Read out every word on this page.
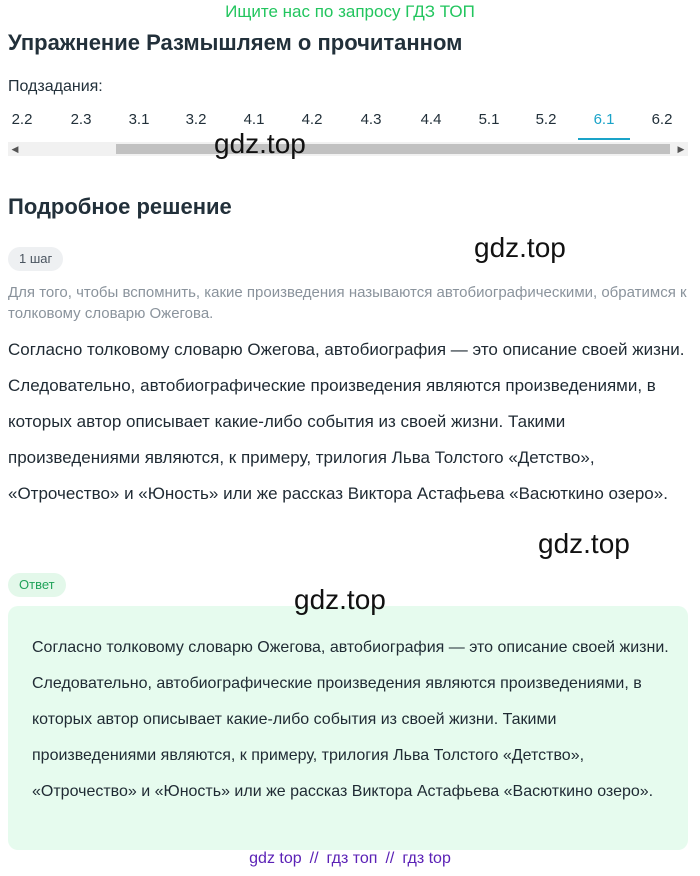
Ищите нас по запросу ГДЗ ТОП
Упражнение Размышляем о прочитанном
Подзадания:
2.2	2.3	3.1	3.2	4.1	4.2	4.3	4.4	5.1	5.2	6.1	6.2
◀	▶
gdz.top
Подробное решение
gdz.top
1 шаг
Для того, чтобы вспомнить, какие произведения называются автобиографическими, обратимся к толковому словарю Ожегова.
Согласно толковому словарю Ожегова, автобиография — это описание своей жизни. Следовательно, автобиографические произведения являются произведениями, в которых автор описывает какие-либо события из своей жизни. Такими произведениями являются, к примеру, трилогия Льва Толстого «Детство», «Отрочество» и «Юность» или же рассказ Виктора Астафьева «Васюткино озеро».
gdz.top
Ответ	gdz.top
Согласно толковому словарю Ожегова, автобиография — это описание своей жизни. Следовательно, автобиографические произведения являются произведениями, в которых автор описывает какие-либо события из своей жизни. Такими произведениями являются, к примеру, трилогия Льва Толстого «Детство», «Отрочество» и «Юность» или же рассказ Виктора Астафьева «Васюткино озеро».
gdz top // гдз топ // гдз top
